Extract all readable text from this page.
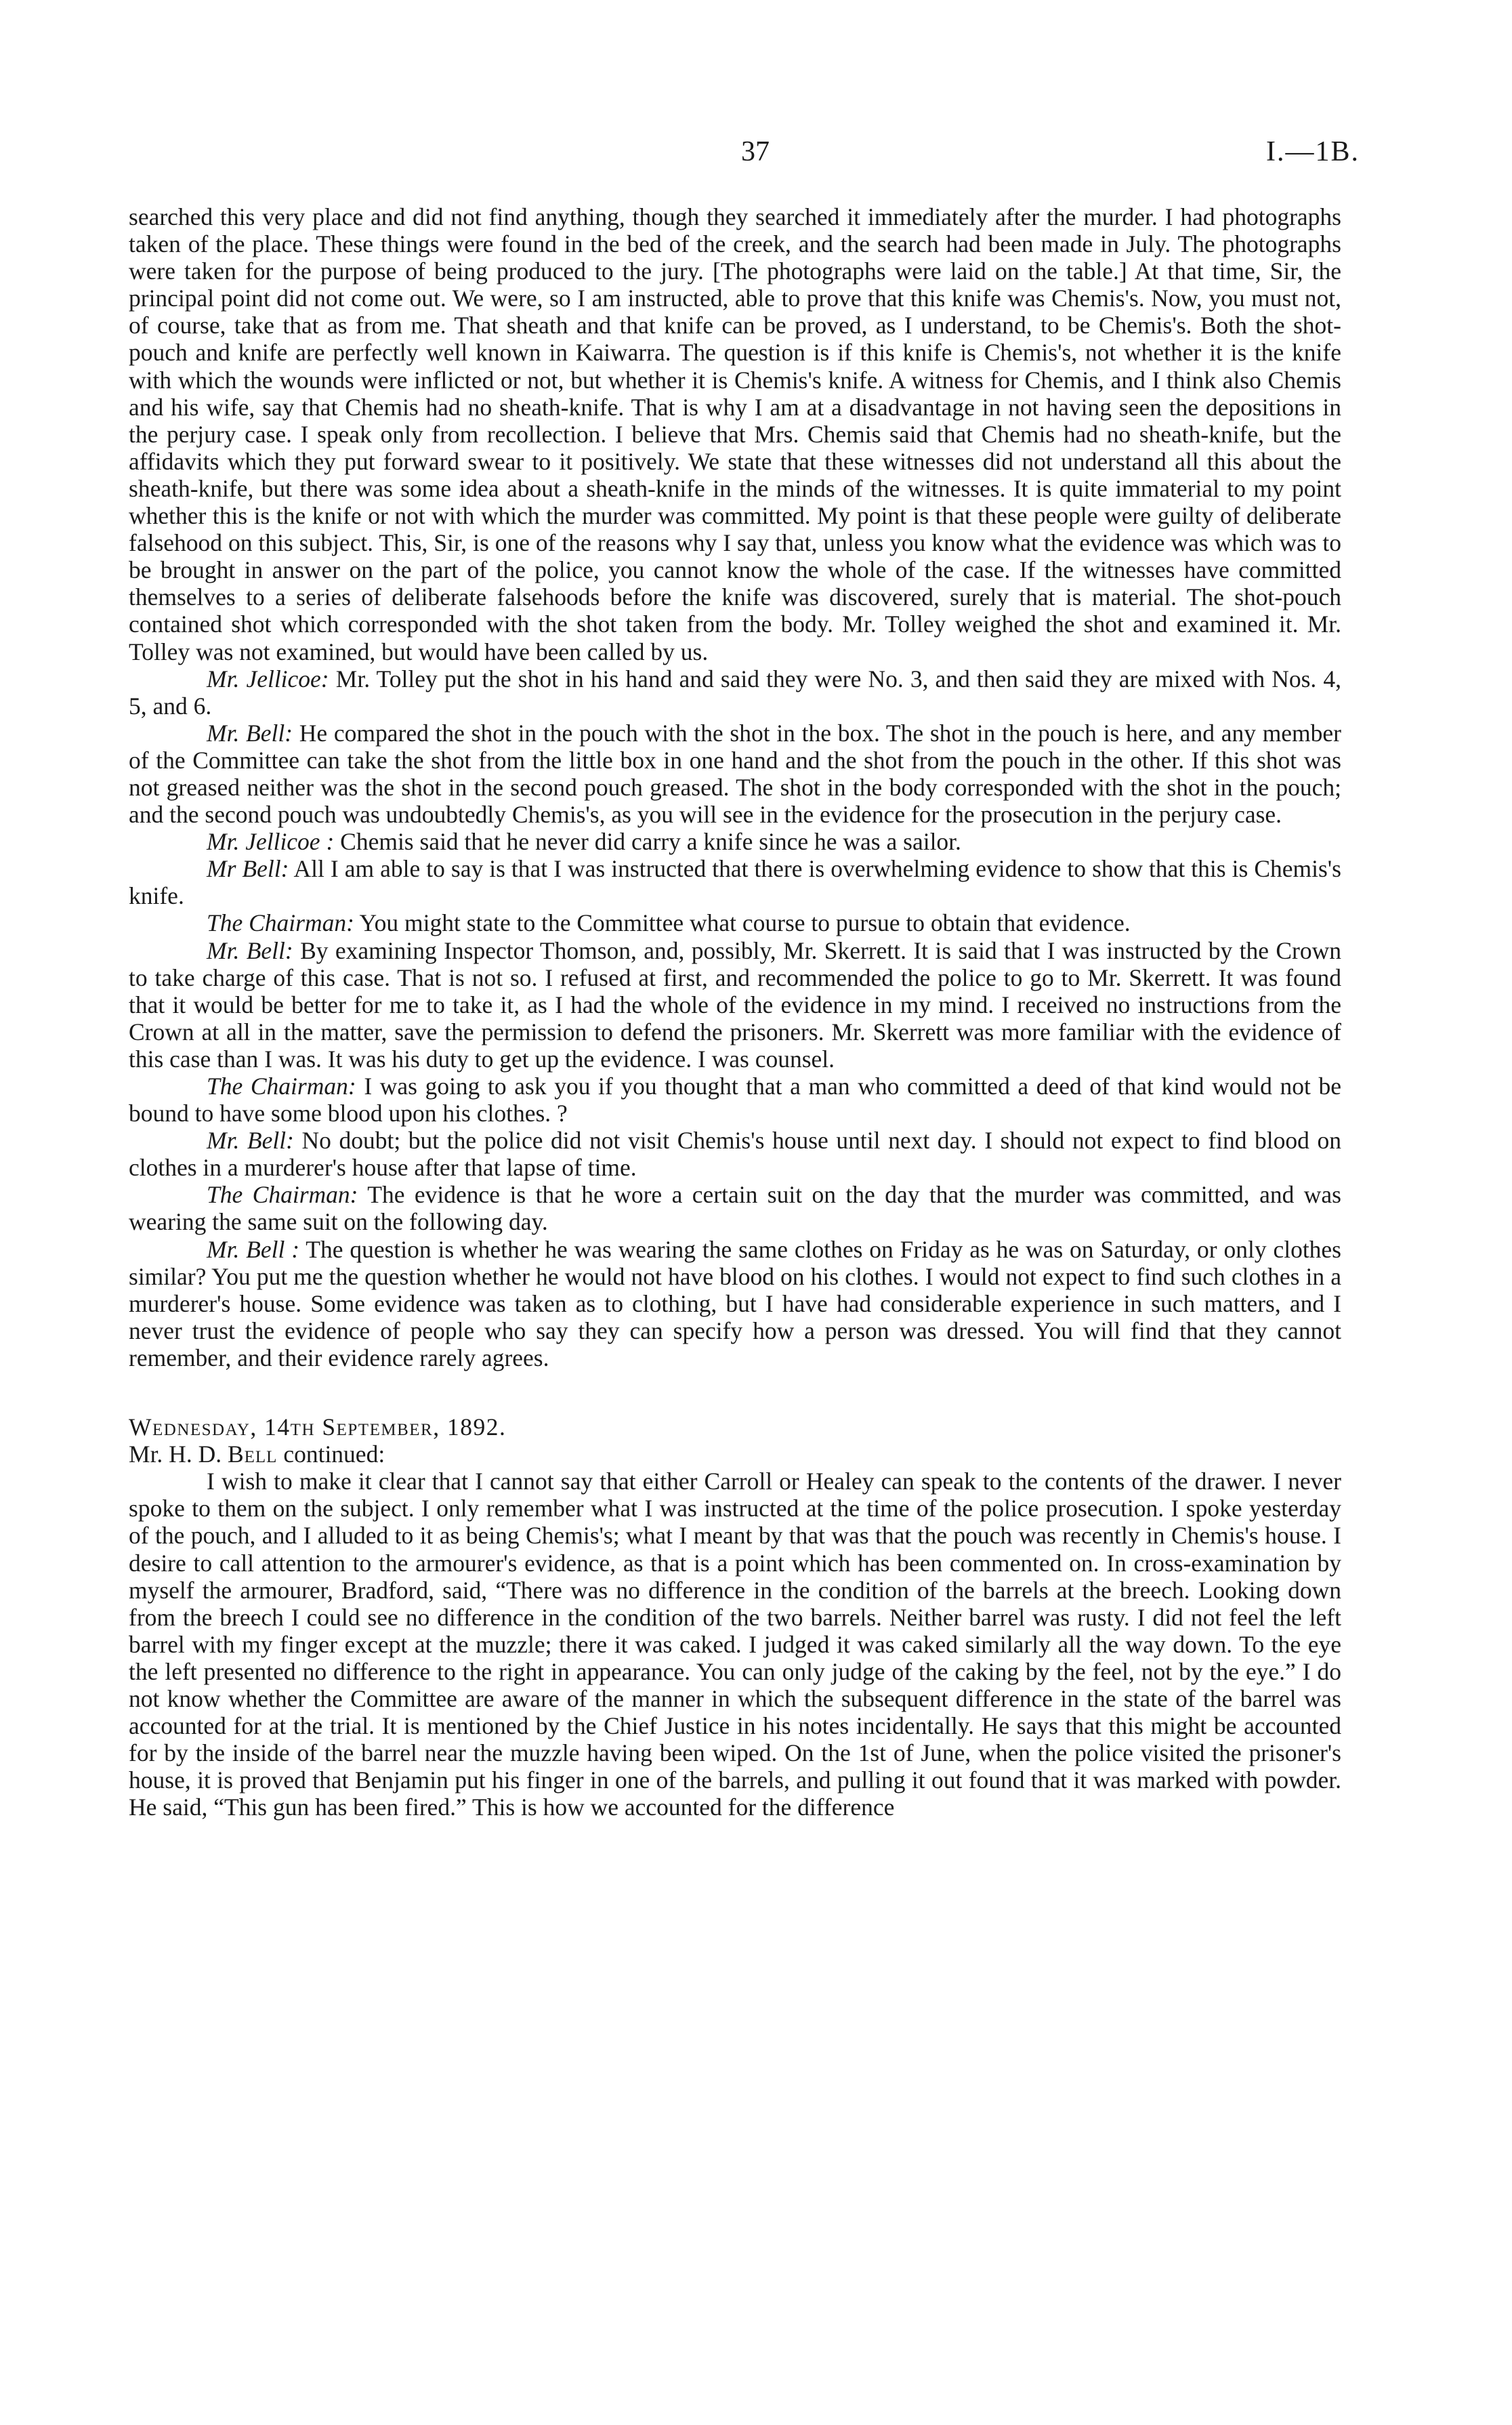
37	I.—1B.

searched this very place and did not find anything, though they searched it immediately after the murder. I had photographs taken of the place. These things were found in the bed of the creek, and the search had been made in July. The photographs were taken for the purpose of being produced to the jury. [The photographs were laid on the table.] At that time, Sir, the principal point did not come out. We were, so I am instructed, able to prove that this knife was Chemis's. Now, you must not, of course, take that as from me. That sheath and that knife can be proved, as I understand, to be Chemis's. Both the shot-pouch and knife are perfectly well known in Kaiwarra. The question is if this knife is Chemis's, not whether it is the knife with which the wounds were inflicted or not, but whether it is Chemis's knife. A witness for Chemis, and I think also Chemis and his wife, say that Chemis had no sheath-knife. That is why I am at a disadvantage in not having seen the depositions in the perjury case. I speak only from recollection. I believe that Mrs. Chemis said that Chemis had no sheath-knife, but the affidavits which they put forward swear to it positively. We state that these witnesses did not understand all this about the sheath-knife, but there was some idea about a sheath-knife in the minds of the witnesses. It is quite immaterial to my point whether this is the knife or not with which the murder was committed. My point is that these people were guilty of deliberate falsehood on this subject. This, Sir, is one of the reasons why I say that, unless you know what the evidence was which was to be brought in answer on the part of the police, you cannot know the whole of the case. If the witnesses have committed themselves to a series of deliberate falsehoods before the knife was discovered, surely that is material. The shot-pouch contained shot which corresponded with the shot taken from the body. Mr. Tolley weighed the shot and examined it. Mr. Tolley was not examined, but would have been called by us.

Mr. Jellicoe: Mr. Tolley put the shot in his hand and said they were No. 3, and then said they are mixed with Nos. 4, 5, and 6.

Mr. Bell: He compared the shot in the pouch with the shot in the box. The shot in the pouch is here, and any member of the Committee can take the shot from the little box in one hand and the shot from the pouch in the other. If this shot was not greased neither was the shot in the second pouch greased. The shot in the body corresponded with the shot in the pouch; and the second pouch was undoubtedly Chemis's, as you will see in the evidence for the prosecution in the perjury case.

Mr. Jellicoe : Chemis said that he never did carry a knife since he was a sailor.

Mr Bell: All I am able to say is that I was instructed that there is overwhelming evidence to show that this is Chemis's knife.

The Chairman: You might state to the Committee what course to pursue to obtain that evidence.

Mr. Bell: By examining Inspector Thomson, and, possibly, Mr. Skerrett. It is said that I was instructed by the Crown to take charge of this case. That is not so. I refused at first, and recommended the police to go to Mr. Skerrett. It was found that it would be better for me to take it, as I had the whole of the evidence in my mind. I received no instructions from the Crown at all in the matter, save the permission to defend the prisoners. Mr. Skerrett was more familiar with the evidence of this case than I was. It was his duty to get up the evidence. I was counsel.

The Chairman: I was going to ask you if you thought that a man who committed a deed of that kind would not be bound to have some blood upon his clothes. ?

Mr. Bell: No doubt; but the police did not visit Chemis's house until next day. I should not expect to find blood on clothes in a murderer's house after that lapse of time.

The Chairman: The evidence is that he wore a certain suit on the day that the murder was committed, and was wearing the same suit on the following day.

Mr. Bell : The question is whether he was wearing the same clothes on Friday as he was on Saturday, or only clothes similar? You put me the question whether he would not have blood on his clothes. I would not expect to find such clothes in a murderer's house. Some evidence was taken as to clothing, but I have had considerable experience in such matters, and I never trust the evidence of people who say they can specify how a person was dressed. You will find that they cannot remember, and their evidence rarely agrees.

Wednesday, 14th September, 1892.

Mr. H. D. Bell continued:

I wish to make it clear that I cannot say that either Carroll or Healey can speak to the contents of the drawer. I never spoke to them on the subject. I only remember what I was instructed at the time of the police prosecution. I spoke yesterday of the pouch, and I alluded to it as being Chemis's; what I meant by that was that the pouch was recently in Chemis's house. I desire to call attention to the armourer's evidence, as that is a point which has been commented on. In cross-examination by myself the armourer, Bradford, said, “There was no difference in the condition of the barrels at the breech. Looking down from the breech I could see no difference in the condition of the two barrels. Neither barrel was rusty. I did not feel the left barrel with my finger except at the muzzle; there it was caked. I judged it was caked similarly all the way down. To the eye the left presented no difference to the right in appearance. You can only judge of the caking by the feel, not by the eye.” I do not know whether the Committee are aware of the manner in which the subsequent difference in the state of the barrel was accounted for at the trial. It is mentioned by the Chief Justice in his notes incidentally. He says that this might be accounted for by the inside of the barrel near the muzzle having been wiped. On the 1st of June, when the police visited the prisoner's house, it is proved that Benjamin put his finger in one of the barrels, and pulling it out found that it was marked with powder. He said, “This gun has been fired.” This is how we accounted for the difference
